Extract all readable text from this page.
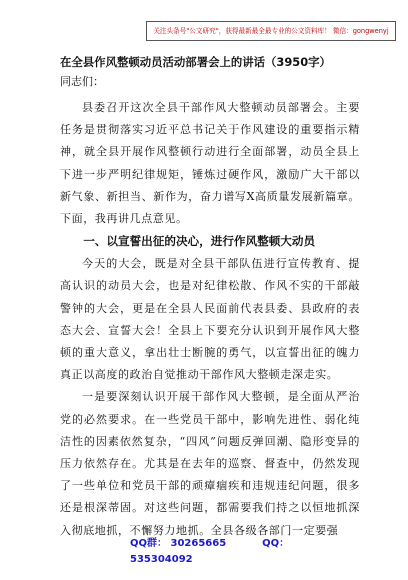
关注头条号"公文研究"，获得最新最全最专业的公文资料库！ 微信：gongwenyj
在全县作风整顿动员活动部署会上的讲话（3950字）
同志们：

县委召开这次全县干部作风大整顿动员部署会。主要任务是贯彻落实习近平总书记关于作风建设的重要指示精神，就全县开展作风整顿行动进行全面部署，动员全县上下进一步严明纪律规矩，锤炼过硬作风，激励广大干部以新气象、新担当、新作为，奋力谱写X高质量发展新篇章。下面，我再讲几点意见。

一、以宣誓出征的决心，进行作风整顿大动员

今天的大会，既是对全县干部队伍进行宣传教育、提高认识的动员大会，也是对纪律松散、作风不实的干部敲警钟的大会，更是在全县人民面前代表县委、县政府的表态大会、宣誓大会！全县上下要充分认识到开展作风大整顿的重大意义，拿出壮士断腕的勇气，以宣誓出征的魄力真正以高度的政治自觉推动干部作风大整顿走深走实。

一是要深刻认识开展干部作风大整顿，是全面从严治党的必然要求。在一些党员干部中，影响先进性、弱化纯洁性的因素依然复杂，“四风”问题反弹回潮、隐形变异的压力依然存在。尤其是在去年的巡察、督查中，仍然发现了一些单位和党员干部的顽瘴痼疾和违规违纪问题，很多还是根深蒂固。对这些问题，都需要我们持之以恒地抓深入彻底地抓，不懈努力地抓。全县各级各部门一定要强

QQ群： 30265665	QQ：535304092
